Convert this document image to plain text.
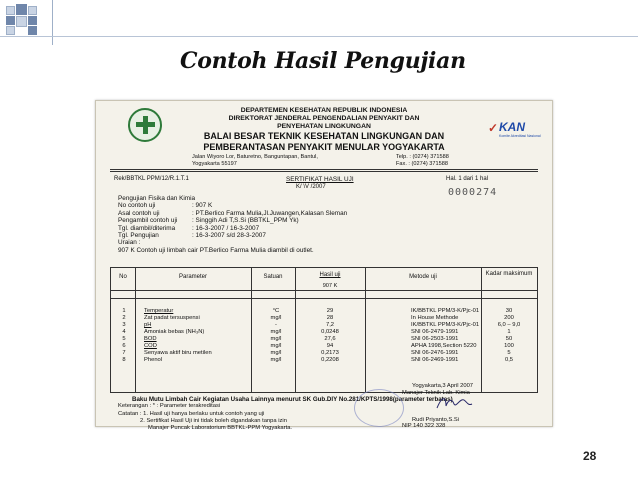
Contoh Hasil Pengujian
✓ KAN
Komite Akreditasi Nasional
DEPARTEMEN KESEHATAN REPUBLIK INDONESIA
DIREKTORAT JENDERAL PENGENDALIAN PENYAKIT DAN
PENYEHATAN LINGKUNGAN
BALAI BESAR TEKNIK KESEHATAN LINGKUNGAN DAN
PEMBERANTASAN PENYAKIT MENULAR YOGYAKARTA
Jalan Wiyoro Lor, Baturetno, Banguntapan, Bantul,
Yogyakarta 55197
Telp. : (0274) 371588
Fax. : (0274) 371588
Rek/BBTKL PPM/12/R.1.T.1	SERTIFIKAT HASIL UJI
K/ \V /2007
Hal. 1 dari 1 hal
0000274
Pengujian Fisika dan Kimia
No contoh uji	: 907 K
Asal contoh uji	: PT.Berlico Farma Mulia,Jl.Juwangen,Kalasan Sleman
Pengambil contoh uji : Singgih Adi T,S.Si (BBTKL_PPM Yk)
Tgl. diambil/diterima	: 16-3-2007 / 16-3-2007
Tgl. Pengujian	: 16-3-2007 s/d 28-3-2007
Uraian :
907 K Contoh uji limbah cair PT.Berlico Farma Mulia diambil di outlet.
No	Parameter	Satuan	Hasil uji	Metode uji	Kadar maksimum
907 K
1	Temperatur	°C	29	IK/BBTKL PPM/3-K/Pjc-01	30
2	Zat padat tersuspensi	mg/l	28	In House Methode	200
3	pH	-	7,2	IK/BBTKL PPM/3-K/Pjc-01	6,0 – 9,0
4	Amoniak bebas (NH₃N)	mg/l	0,0248	SNI 06-2479-1991	1
5	BOD	mg/l	27,6	SNI 06-2503-1991	50
6	COD	mg/l	94	APHA 1998,Section 5220	100
7	Senyawa aktif biru metilen	mg/l	0,2173	SNI 06-2476-1991	5
8	Phenol	mg/l	0,2208	SNI 06-2469-1991	0,5
Baku Mutu Limbah Cair Kegiatan Usaha Lainnya menurut SK Gub.DIY No.281/KPTS/1998(parameter terbatas)
Keterangan : * : Parameter terakreditasi
Yogyakarta,3 April 2007
Manajer Teknik Lab. Kimia
Rudi Priyanto,S.Si
NIP 140 322 328
Catatan : 1. Hasil uji hanya berlaku untuk contoh yang uji
2. Sertifikat Hasil Uji ini tidak boleh digandakan tanpa izin
Manajer Puncak Laboratorium BBTKL-PPM Yogyakarta.
28
